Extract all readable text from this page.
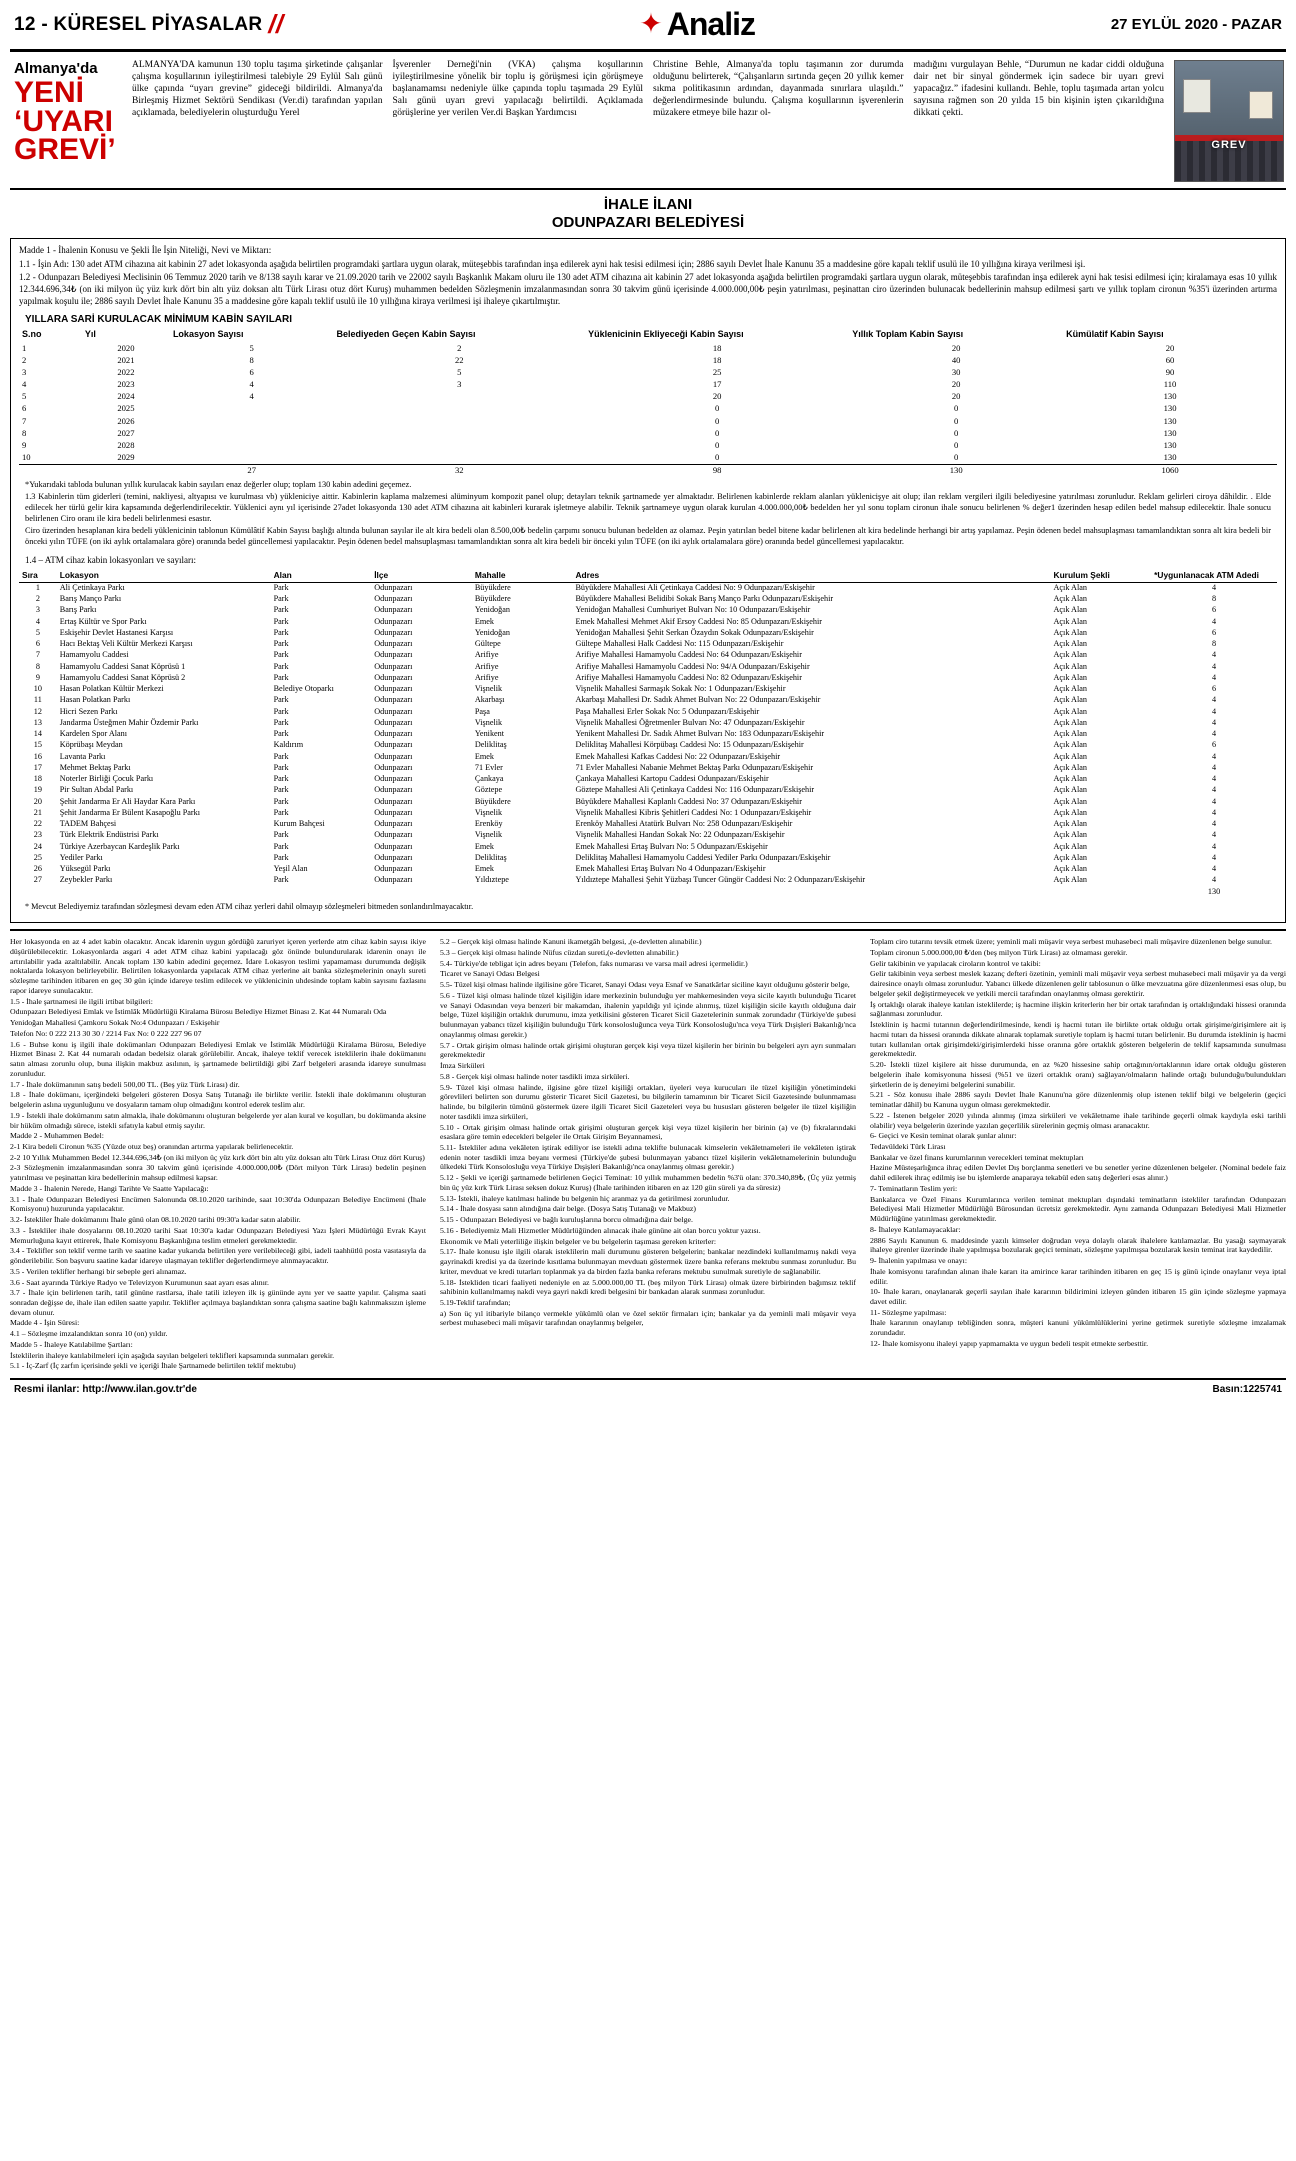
12 - KÜRESEL PİYASALAR //	✦ Analiz	27 EYLÜL 2020 - PAZAR
Almanya'da
YENİ ‘UYARI GREVİ’
ALMANYA'DA kamunun 130 toplu taşıma şirketinde çalışanlar çalışma koşullarının iyileştirilmesi talebiyle 29 Eylül Salı günü ülke çapında “uyarı grevine” gideceği bildirildi. Almanya'da Birleşmiş Hizmet Sektörü Sendikası (Ver.di) tarafından yapılan açıklamada, belediyelerin oluşturduğu Yerel
İşverenler Derneği'nin (VKA) çalışma koşullarının iyileştirilmesine yönelik bir toplu iş görüşmesi için görüşmeye başlanamamsı nedeniyle ülke çapında toplu taşımada 29 Eylül Salı günü uyarı grevi yapılacağı belirtildi. Açıklamada görüşlerine yer verilen Ver.di Başkan Yardımcısı
Christine Behle, Almanya'da toplu taşımanın zor durumda olduğunu belirterek, “Çalışanların sırtında geçen 20 yıllık kemer sıkma politikasının ardından, dayanmada sınırlara ulaşıldı.” değerlendirmesinde bulundu. Çalışma koşullarının işverenlerin müzakere etmeye bile hazır ol-
madığını vurgulayan Behle, “Durumun ne kadar ciddi olduğuna dair net bir sinyal göndermek için sadece bir uyarı grevi yapacağız.” ifadesini kullandı. Behle, toplu taşımada artan yolcu sayısına rağmen son 20 yılda 15 bin kişinin işten çıkarıldığına dikkati çekti.
GREV
İHALE İLANI
ODUNPAZARI BELEDİYESİ

Madde 1 - İhalenin Konusu ve Şekli İle İşin Niteliği, Nevi ve Miktarı:

1.1 - İşin Adı: 130 adet ATM cihazına ait kabinin 27 adet lokasyonda aşağıda belirtilen programdaki şartlara uygun olarak, müteşebbis tarafından inşa edilerek ayni hak tesisi edilmesi için; 2886 sayılı Devlet İhale Kanunu 35 a maddesine göre kapalı teklif usulü ile 10 yıllığına kiraya verilmesi işi.

1.2 - Odunpazarı Belediyesi Meclisinin 06 Temmuz 2020 tarih ve 8/138 sayılı karar ve 21.09.2020 tarih ve 22002 sayılı Başkanlık Makam oluru ile 130 adet ATM cihazına ait kabinin 27 adet lokasyonda aşağıda belirtilen programdaki şartlara uygun olarak, müteşebbis tarafından inşa edilerek ayni hak tesisi edilmesi için; kiralamaya esas 10 yıllık 12.344.696,34₺ (on iki milyon üç yüz kırk dört bin altı yüz doksan altı Türk Lirası otuz dört Kuruş) muhammen bedelden Sözleşmenin imzalanmasından sonra 30 takvim günü içerisinde 4.000.000,00₺ peşin yatırılması, peşinattan ciro üzerinden bulunacak bedellerinin mahsup edilmesi şartı ve yıllık toplam cironun %35'i üzerinden artırma yapılmak koşulu ile; 2886 sayılı Devlet İhale Kanunu 35 a maddesine göre kapalı teklif usulü ile 10 yıllığına kiraya verilmesi işi ihaleye çıkartılmıştır.

YILLARA SARİ KURULACAK MİNİMUM KABİN SAYILARI
S.no	Yıl	Lokasyon Sayısı	Belediyeden Geçen Kabin Sayısı	Yüklenicinin Ekliyeceği Kabin Sayısı	Yıllık Toplam Kabin Sayısı	Kümülatif Kabin Sayısı
1	2020	5	2	18	20	20
2	2021	8	22	18	40	60
3	2022	6	5	25	30	90
4	2023	4	3	17	20	110
5	2024	4		20	20	130
6	2025			0	0	130
7	2026			0	0	130
8	2027			0	0	130
9	2028			0	0	130
10	2029			0	0	130
		27	32	98	130	1060

*Yukarıdaki tabloda bulunan yıllık kurulacak kabin sayıları enaz değerler olup; toplam 130 kabin adedini geçemez.

1.3 Kabinlerin tüm giderleri (temini, nakliyesi, altyapısı ve kurulması vb) yükleniciye aittir. Kabinlerin kaplama malzemesi alüminyum kompozit panel olup; detayları teknik şartnamede yer almaktadır. Belirlenen kabinlerde reklam alanları yüklenicişye ait olup; ilan reklam vergileri ilgili belediyesine yatırılması zorunludur. Reklam gelirleri ciroya dâhildir. . Elde edilecek her türlü gelir kira kapsamında değerlendirilecektir. Yüklenici aynı yıl içerisinde 27adet lokasyonda 130 adet ATM cihazına ait kabinleri kurarak işletmeye alabilir. Teknik şartnameye uygun olarak kurulan 4.000.000,00₺ bedelden her yıl sonu toplam cironun ihale sonucu belirlenen % değer1 üzerinden hesap edilen bedel mahsup edilecektir. İhale sonucu belirlenen Ciro oranı ile kira bedeli belirlenmesi esastır.

Ciro üzerinden hesaplanan kira bedeli yüklenicinin tablonun Kümülâtif Kabin Sayısı başlığı altında bulunan sayılar ile alt kira bedeli olan 8.500,00₺ bedelin çarpımı sonucu bulunan bedelden az olamaz. Peşin yatırılan bedel bitene kadar belirlenen alt kira bedelinde herhangi bir artış yapılamaz. Peşin ödenen bedel mahsuplaşması tamamlandıktan sonra alt kira bedeli bir önceki yılın TÜFE (on iki aylık ortalamalara göre) oranında bedel güncellemesi yapılacaktır. Peşin ödenen bedel mahsuplaşması tamamlandıktan sonra alt kira bedeli bir önceki yılın TÜFE (on iki aylık ortalamalara göre) oranında bedel güncellemesi yapılacaktır.

1.4 – ATM cihaz kabin lokasyonları ve sayıları:
Sıra	Lokasyon	Alan	İlçe	Mahalle	Adres	Kurulum Şekli	*Uygunlanacak ATM Adedi
1	Ali Çetinkaya Parkı	Park	Odunpazarı	Büyükdere	Büyükdere Mahallesi Ali Çetinkaya Caddesi No: 9 Odunpazarı/Eskişehir	Açık Alan	4
2	Barış Manço Parkı	Park	Odunpazarı	Büyükdere	Büyükdere Mahallesi Belidibi Sokak Barış Manço Parkı Odunpazarı/Eskişehir	Açık Alan	8
3	Barış Parkı	Park	Odunpazarı	Yenidoğan	Yenidoğan Mahallesi Cumhuriyet Bulvarı No: 10 Odunpazarı/Eskişehir	Açık Alan	6
4	Ertaş Kültür ve Spor Parkı	Park	Odunpazarı	Emek	Emek Mahallesi Mehmet Akif Ersoy Caddesi No: 85 Odunpazarı/Eskişehir	Açık Alan	4
5	Eskişehir Devlet Hastanesi Karşısı	Park	Odunpazarı	Yenidoğan	Yenidoğan Mahallesi Şehit Serkan Özaydın Sokak Odunpazarı/Eskişehir	Açık Alan	6
6	Hacı Bektaş Veli Kültür Merkezi Karşısı	Park	Odunpazarı	Gültepe	Gültepe Mahallesi Halk Caddesi No: 115 Odunpazarı/Eskişehir	Açık Alan	8
7	Hamamyolu Caddesi	Park	Odunpazarı	Arifiye	Arifiye Mahallesi Hamamyolu Caddesi No: 64 Odunpazarı/Eskişehir	Açık Alan	4
8	Hamamyolu Caddesi Sanat Köprüsü 1	Park	Odunpazarı	Arifiye	Arifiye Mahallesi Hamamyolu Caddesi No: 94/A Odunpazarı/Eskişehir	Açık Alan	4
9	Hamamyolu Caddesi Sanat Köprüsü 2	Park	Odunpazarı	Arifiye	Arifiye Mahallesi Hamamyolu Caddesi No: 82 Odunpazarı/Eskişehir	Açık Alan	4
10	Hasan Polatkan Kültür Merkezi	Belediye Otoparkı	Odunpazarı	Vişnelik	Vişnelik Mahallesi Sarmaşık Sokak No: 1 Odunpazarı/Eskişehir	Açık Alan	6
11	Hasan Polatkan Parkı	Park	Odunpazarı	Akarbaşı	Akarbaşı Mahallesi Dr. Sadık Ahmet Bulvarı No: 22 Odunpazarı/Eskişehir	Açık Alan	4
12	Hicri Sezen Parkı	Park	Odunpazarı	Paşa	Paşa Mahallesi Erler Sokak No: 5 Odunpazarı/Eskişehir	Açık Alan	4
13	Jandarma Üsteğmen Mahir Özdemir Parkı	Park	Odunpazarı	Vişnelik	Vişnelik Mahallesi Öğretmenler Bulvarı No: 47 Odunpazarı/Eskişehir	Açık Alan	4
14	Kardelen Spor Alanı	Park	Odunpazarı	Yenikent	Yenikent Mahallesi Dr. Sadık Ahmet Bulvarı No: 183 Odunpazarı/Eskişehir	Açık Alan	4
15	Köprübaşı Meydan	Kaldırım	Odunpazarı	Deliklitaş	Deliklitaş Mahallesi Körpübaşı Caddesi No: 15 Odunpazarı/Eskişehir	Açık Alan	6
16	Lavanta Parkı	Park	Odunpazarı	Emek	Emek Mahallesi Kafkas Caddesi No: 22 Odunpazarı/Eskişehir	Açık Alan	4
17	Mehmet Bektaş Parkı	Park	Odunpazarı	71 Evler	71 Evler Mahallesi Nabanie Mehmet Bektaş Parkı Odunpazarı/Eskişehir	Açık Alan	4
18	Noterler Birliği Çocuk Parkı	Park	Odunpazarı	Çankaya	Çankaya Mahallesi Kartopu Caddesi Odunpazarı/Eskişehir	Açık Alan	4
19	Pir Sultan Abdal Parkı	Park	Odunpazarı	Göztepe	Göztepe Mahallesi Ali Çetinkaya Caddesi No: 116 Odunpazarı/Eskişehir	Açık Alan	4
20	Şehit Jandarma Er Ali Haydar Kara Parkı	Park	Odunpazarı	Büyükdere	Büyükdere Mahallesi Kaplanlı Caddesi No: 37 Odunpazarı/Eskişehir	Açık Alan	4
21	Şehit Jandarma Er Bülent Kasapoğlu Parkı	Park	Odunpazarı	Vişnelik	Vişnelik Mahallesi Kibris Şehitleri Caddesi No: 1 Odunpazarı/Eskişehir	Açık Alan	4
22	TADEM Bahçesi	Kurum Bahçesi	Odunpazarı	Erenköy	Erenköy Mahallesi Atatürk Bulvarı No: 258 Odunpazarı/Eskişehir	Açık Alan	4
23	Türk Elektrik Endüstrisi Parkı	Park	Odunpazarı	Vişnelik	Vişnelik Mahallesi Handan Sokak No: 22 Odunpazarı/Eskişehir	Açık Alan	4
24	Türkiye Azerbaycan Kardeşlik Parkı	Park	Odunpazarı	Emek	Emek Mahallesi Ertaş Bulvarı No: 5 Odunpazarı/Eskişehir	Açık Alan	4
25	Yediler Parkı	Park	Odunpazarı	Deliklitaş	Deliklitaş Mahallesi Hamamyolu Caddesi Yediler Parkı Odunpazarı/Eskişehir	Açık Alan	4
26	Yüksegül Parkı	Yeşil Alan	Odunpazarı	Emek	Emek Mahallesi Ertaş Bulvarı No 4 Odunpazarı/Eskişehir	Açık Alan	4
27	Zeybekler Parkı	Park	Odunpazarı	Yıldıztepe	Yıldıztepe Mahallesi Şehit Yüzbaşı Tuncer Güngör Caddesi No: 2 Odunpazarı/Eskişehir	Açık Alan	4
							130
* Mevcut Belediyemiz tarafından sözleşmesi devam eden ATM cihaz yerleri dahil olmayıp sözleşmeleri bitmeden sonlandırılmayacaktır.

Her lokasyonda en az 4 adet kabin olacaktır. Ancak idarenin uygun gördüğü zaruriyet içeren yerlerde atm cihaz kabin sayısı ikiye düşürülebilecektir. Lokasyonlarda asgari 4 adet ATM cihaz kabini yapılacağı göz önünde bulundurularak idarenin onayı ile artırılabilir yada azaltılabilir. Ancak toplam 130 kabin adedini geçemez. İdare Lokasyon teslimi yapamaması durumunda değişik noktalarda lokasyon belirleyebilir. Belirtilen lokasyonlarda yapılacak ATM cihaz yerlerine ait banka sözleşmelerinin onaylı sureti sözleşme tarihinden itibaren en geç 30 gün içinde idareye teslim edilecek ve yüklenicinin uhdesinde toplam kabin sayısını fazlasını rapor idareye sunulacaktır.

1.5 - İhale şartnamesi ile ilgili irtibat bilgileri:

Odunpazarı Belediyesi Emlak ve İstimlâk Müdürlüğü Kiralama Bürosu Belediye Hizmet Binası 2. Kat 44 Numaralı Oda

Yenidoğan Mahallesi Çamkoru Sokak No:4 Odunpazarı / Eskişehir

Telefon No: 0 222 213 30 30 / 2214 Fax No: 0 222 227 96 07

1.6 - Buhse konu iş ilgili ihale dokümanları Odunpazarı Belediyesi Emlak ve İstimlâk Müdürlüğü Kiralama Bürosu, Belediye Hizmet Binası 2. Kat 44 numaralı odadan bedelsiz olarak görülebilir. Ancak, ihaleye teklif verecek isteklilerin ihale dokümanını satın alması zorunlu olup, buna ilişkin makbuz asılının, iş şartnamede belirtildiği gibi Zarf belgeleri arasında idareye sunulması zorunludur.

1.7 - İhale dokümanının satış bedeli 500,00 TL. (Beş yüz Türk Lirası) dir.

1.8 - İhale dokümanı, içerğindeki belgeleri gösteren Dosya Satış Tutanağı ile birlikte verilir. İstekli ihale dokümanını oluşturan belgelerin aslına uygunluğunu ve dosyaların tamam olup olmadığını kontrol ederek teslim alır.

1.9 - İstekli ihale dokümanını satın almakla, ihale dokümanını oluşturan belgelerde yer alan kural ve koşulları, bu dokümanda aksine bir hüküm olmadığı sürece, istekli sıfatıyla kabul etmiş sayılır.

Madde 2 - Muhammen Bedel:

2-1 Kira bedeli Cironun %35 (Yüzde otuz beş) oranından artırma yapılarak belirlenecektir.

2-2 10 Yıllık Muhammen Bedel 12.344.696,34₺ (on iki milyon üç yüz kırk dört bin altı yüz doksan altı Türk Lirası Otuz dört Kuruş)

2-3 Sözleşmenin imzalanmasından sonra 30 takvim günü içerisinde 4.000.000,00₺ (Dört milyon Türk Lirası) bedelin peşinen yatırılması ve peşinattan kira bedellerinin mahsup edilmesi kapsar.

Madde 3 - İhalenin Nerede, Hangi Tarihte Ve Saatte Yapılacağı:

3.1 - İhale Odunpazarı Belediyesi Encümen Salonunda 08.10.2020 tarihinde, saat 10:30'da Odunpazarı Belediye Encümeni (İhale Komisyonu) huzurunda yapılacaktır.

3.2- İstekliler İhale dokümanını İhale günü olan 08.10.2020 tarihi 09:30'a kadar satın alabilir.

3.3 - İstekliler ihale dosyalarını 08.10.2020 tarihi Saat 10:30'a kadar Odunpazarı Belediyesi Yazı İşleri Müdürlüğü Evrak Kayıt Memurluğuna kayıt ettirerek, İhale Komisyonu Başkanlığına teslim etmeleri gerekmektedir.

3.4 - Teklifler son teklif verme tarih ve saatine kadar yukarıda belirtilen yere verilebileceği gibi, iadeli taahhütlü posta vasıtasıyla da gönderilebilir. Son başvuru saatine kadar idareye ulaşmayan teklifler değerlendirmeye alınmayacaktır.

3.5 - Verilen teklifler herhangi bir sebeple geri alınamaz.

3.6 - Saat ayarında Türkiye Radyo ve Televizyon Kurumunun saat ayarı esas alınır.

3.7 - İhale için belirlenen tarih, tatil gününe rastlarsa, ihale tatili izleyen ilk iş gününde aynı yer ve saatte yapılır. Çalışma saati sonradan değişse de, ihale ilan edilen saatte yapılır. Teklifler açılmaya başlandıktan sonra çalışma saatine bağlı kalınmaksızın işleme devam olunur.

Madde 4 - İşin Süresi:

4.1 – Sözleşme imzalandıktan sonra 10 (on) yıldır.

Madde 5 - İhaleye Katılabilme Şartları:

İsteklilerin ihaleye katılabilmeleri için aşağıda sayılan belgeleri teklifleri kapsamında sunmaları gerekir.

5.1 - İç-Zarf (İç zarfın içerisinde şekli ve içeriği İhale Şartnamede belirtilen teklif mektubu)

5.2 – Gerçek kişi olması halinde Kanuni ikametgâh belgesi, ,(e-devletten alınabilir.)

5.3 – Gerçek kişi olması halinde Nüfus cüzdan sureti,(e-devletten alınabilir.)

5.4- Türkiye'de tebligat için adres beyanı (Telefon, faks numarası ve varsa mail adresi içermelidir.)

Ticaret ve Sanayi Odası Belgesi

5.5- Tüzel kişi olması halinde ilgilisine göre Ticaret, Sanayi Odası veya Esnaf ve Sanatkârlar siciline kayıt olduğunu gösterir belge,

5.6 - Tüzel kişi olması halinde tüzel kişiliğin idare merkezinin bulunduğu yer mahkemesinden veya sicile kayıtlı bulunduğu Ticaret ve Sanayi Odasından veya benzeri bir makamdan, ihalenin yapıldığı yıl içinde alınmış, tüzel kişiliğin sicile kayıtlı olduğuna dair belge, Tüzel kişiliğin ortaklık durumunu, imza yetkilisini gösteren Ticaret Sicil Gazetelerinin sunmak zorundadır (Türkiye'de şubesi bulunmayan yabancı tüzel kişiliğin bulunduğu Türk konsolosluğunca veya Türk Konsolosluğu'nca veya Türk Dışişleri Bakanlığı'nca onaylanmış olması gerekir.)

5.7 - Ortak girişim olması halinde ortak girişimi oluşturan gerçek kişi veya tüzel kişilerin her birinin bu belgeleri ayrı ayrı sunmaları gerekmektedir

İmza Sirküleri

5.8 - Gerçek kişi olması halinde noter tasdikli imza sirküleri.

5.9- Tüzel kişi olması halinde, ilgisine göre tüzel kişiliği ortakları, üyeleri veya kurucuları ile tüzel kişiliğin yönetimindeki görevlileri belirten son durumu gösterir Ticaret Sicil Gazetesi, bu bilgilerin tamamının bir Ticaret Sicil Gazetesinde bulunmaması halinde, bu bilgilerin tümünü göstermek üzere ilgili Ticaret Sicil Gazeteleri veya bu hususları gösteren belgeler ile tüzel kişiliğin noter tasdikli imza sirküleri,

5.10 - Ortak girişim olması halinde ortak girişimi oluşturan gerçek kişi veya tüzel kişilerin her birinin (a) ve (b) fıkralarındaki esaslara göre temin edecekleri belgeler ile Ortak Girişim Beyannamesi,

5.11- İstekliler adına vekâleten iştirak ediliyor ise istekli adına teklifte bulunacak kimselerin vekâletnameleri ile vekâleten iştirak edenin noter tasdikli imza beyanı vermesi (Türkiye'de şubesi bulunmayan yabancı tüzel kişilerin vekâletnamelerinin bulunduğu ülkedeki Türk Konsolosluğu veya Türkiye Dışişleri Bakanlığı'nca onaylanmış olması gerekir.)

5.12 - Şekli ve içeriği şartnamede belirlenen Geçici Teminat: 10 yıllık muhammen bedelin %3'ü olan: 370.340,89₺, (Üç yüz yetmiş bin üç yüz kırk Türk Lirası seksen dokuz Kuruş) (İhale tarihinden itibaren en az 120 gün süreli ya da süresiz)

5.13- İstekli, ihaleye katılması halinde bu belgenin hiç aranmaz ya da getirilmesi zorunludur.

5.14 - İhale dosyası satın alındığına dair belge. (Dosya Satış Tutanağı ve Makbuz)

5.15 - Odunpazarı Belediyesi ve bağlı kuruluşlarına borcu olmadığına dair belge.

5.16 - Belediyemiz Mali Hizmetler Müdürlüğünden alınacak ihale gününe ait olan borcu yoktur yazısı.

Ekonomik ve Mali yeterliliğe ilişkin belgeler ve bu belgelerin taşıması gereken kriterler:

5.17- İhale konusu işle ilgili olarak isteklilerin mali durumunu gösteren belgelerin; bankalar nezdindeki kullanılmamış nakdi veya gayrinakdi kredisi ya da üzerinde kısıtlama bulunmayan mevduatı göstermek üzere banka referans mektubu sunması zorunludur. Bu kriter, mevduat ve kredi tutarları toplanmak ya da birden fazla banka referans mektubu sunulmak suretiyle de sağlanabilir.

5.18- İstekliden ticari faaliyeti nedeniyle en az 5.000.000,00 TL (beş milyon Türk Lirası) olmak üzere birbirinden bağımsız teklif sahibinin kullanılmamış nakdi veya gayri nakdi kredi belgesini bir bankadan alarak sunması zorunludur.

5.19-Teklif tarafından;

a) Son üç yıl itibariyle bilanço vermekle yükümlü olan ve özel sektör firmaları için; bankalar ya da yeminli mali müşavir veya serbest muhasebeci mali müşavir tarafından onaylanmış belgeler,

Toplam ciro tutarını tevsik etmek üzere; yeminli mali müşavir veya serbest muhasebeci mali müşavire düzenlenen belge sunulur.

Toplam cironun 5.000.000,00 ₺'den (beş milyon Türk Lirası) az olmaması gerekir.

Gelir takibinin ve yapılacak ciroların kontrol ve takibi:

Gelir takibinin veya serbest meslek kazanç defteri özetinin, yeminli mali müşavir veya serbest muhasebeci mali müşavir ya da vergi dairesince onaylı olması zorunludur. Yabancı ülkede düzenlenen gelir tablosunun o ülke mevzuatına göre düzenlenmesi esas olup, bu belgeler şekil değiştirmeyecek ve yetkili mercii tarafından onaylanmış olması gerektirir.

İş ortaklığı olarak ihaleye katılan isteklilerde; iş hacmine ilişkin kriterlerin her bir ortak tarafından iş ortaklığındaki hissesi oranında sağlanması zorunludur.

İsteklinin iş hacmi tutarının değerlendirilmesinde, kendi iş hacmi tutarı ile birlikte ortak olduğu ortak girişime/girişimlere ait iş hacmi tutarı da hissesi oranında dikkate alınarak toplamak suretiyle toplam iş hacmi tutarı belirlenir. Bu durumda isteklinin iş hacmi tutarı kullanılan ortak girişimdeki/girişimlerdeki hisse oranına göre ortaklık gösteren belgelerin de teklif kapsamında sunulması gerekmektedir.

5.20- İstekli tüzel kişilere ait hisse durumunda, en az %20 hissesine sahip ortağının/ortaklarının idare ortak olduğu gösteren belgelerin ihale komisyonuna hissesi (%51 ve üzeri ortaklık oranı) sağlayan/olmaların halinde ortağı bulunduğu/bulundukları şirketlerin de iş deneyimi belgelerini sunabilir.

5.21 - Söz konusu ihale 2886 sayılı Devlet İhale Kanunu'na göre düzenlenmiş olup istenen teklif bilgi ve belgelerin (geçici teminatlar dâhil) bu Kanuna uygun olması gerekmektedir.

5.22 - İstenen belgeler 2020 yılında alınmış (imza sirküleri ve vekâletname ihale tarihinde geçerli olmak kaydıyla eski tarihli olabilir) veya belgelerin üzerinde yazılan geçerlilik sürelerinin geçmiş olması aranacaktır.

6- Geçici ve Kesin teminat olarak şunlar alınır:

Tedavüldeki Türk Lirası

Bankalar ve özel finans kurumlarının verecekleri teminat mektupları

Hazine Müsteşarlığınca ihraç edilen Devlet Dış borçlanma senetleri ve bu senetler yerine düzenlenen belgeler. (Nominal bedele faiz dahil edilerek ihraç edilmiş ise bu işlemlerde anaparaya tekabül eden satış değerleri esas alınır.)

7- Teminatların Teslim yeri:

Bankalarca ve Özel Finans Kurumlarınca verilen teminat mektupları dışındaki teminatların istekliler tarafından Odunpazarı Belediyesi Mali Hizmetler Müdürlüğü Bürosundan ücretsiz gerekmektedir. Aynı zamanda Odunpazarı Belediyesi Mali Hizmetler Müdürlüğüne yatırılması gerekmektedir.

8- İhaleye Katılamayacaklar:

2886 Sayılı Kanunun 6. maddesinde yazılı kimseler doğrudan veya dolaylı olarak ihalelere katılamazlar. Bu yasağı saymayarak ihaleye girenler üzerinde ihale yapılmışsa bozularak geçici teminatı, sözleşme yapılmışsa bozularak kesin teminat irat kaydedilir.

9- İhalenin yapılması ve onayı:

İhale komisyonu tarafından alınan ihale kararı ita amirince karar tarihinden itibaren en geç 15 iş günü içinde onaylanır veya iptal edilir.

10- İhale kararı, onaylanarak geçerli sayılan ihale kararının bildirimini izleyen günden itibaren 15 gün içinde sözleşme yapmaya davet edilir.

11- Sözleşme yapılması:

İhale kararının onaylanıp tebliğinden sonra, müşteri kanuni yükümlülüklerini yerine getirmek suretiyle sözleşme imzalamak zorundadır.

12- İhale komisyonu ihaleyi yapıp yapmamakta ve uygun bedeli tespit etmekte serbesttir.

Resmi ilanlar: http://www.ilan.gov.tr'de	Basın:1225741
